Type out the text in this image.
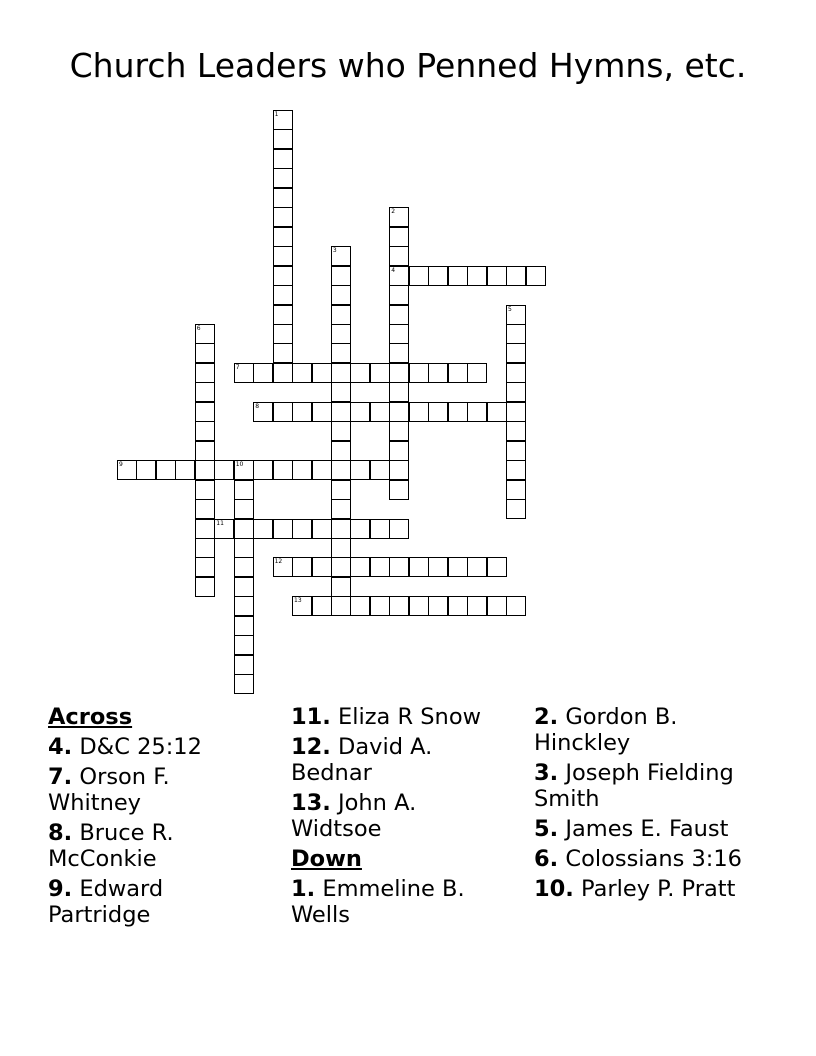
Church Leaders who Penned Hymns, etc.
1
2
4
3
5
6
7
8
9	10
11
12
13
Across
4. D&C 25:12
7. Orson F. Whitney
8. Bruce R. McConkie
9. Edward Partridge
11. Eliza R Snow
12. David A. Bednar
13. John A. Widtsoe
Down
1. Emmeline B. Wells
2. Gordon B. Hinckley
3. Joseph Fielding Smith
5. James E. Faust
6. Colossians 3:16
10. Parley P. Pratt
